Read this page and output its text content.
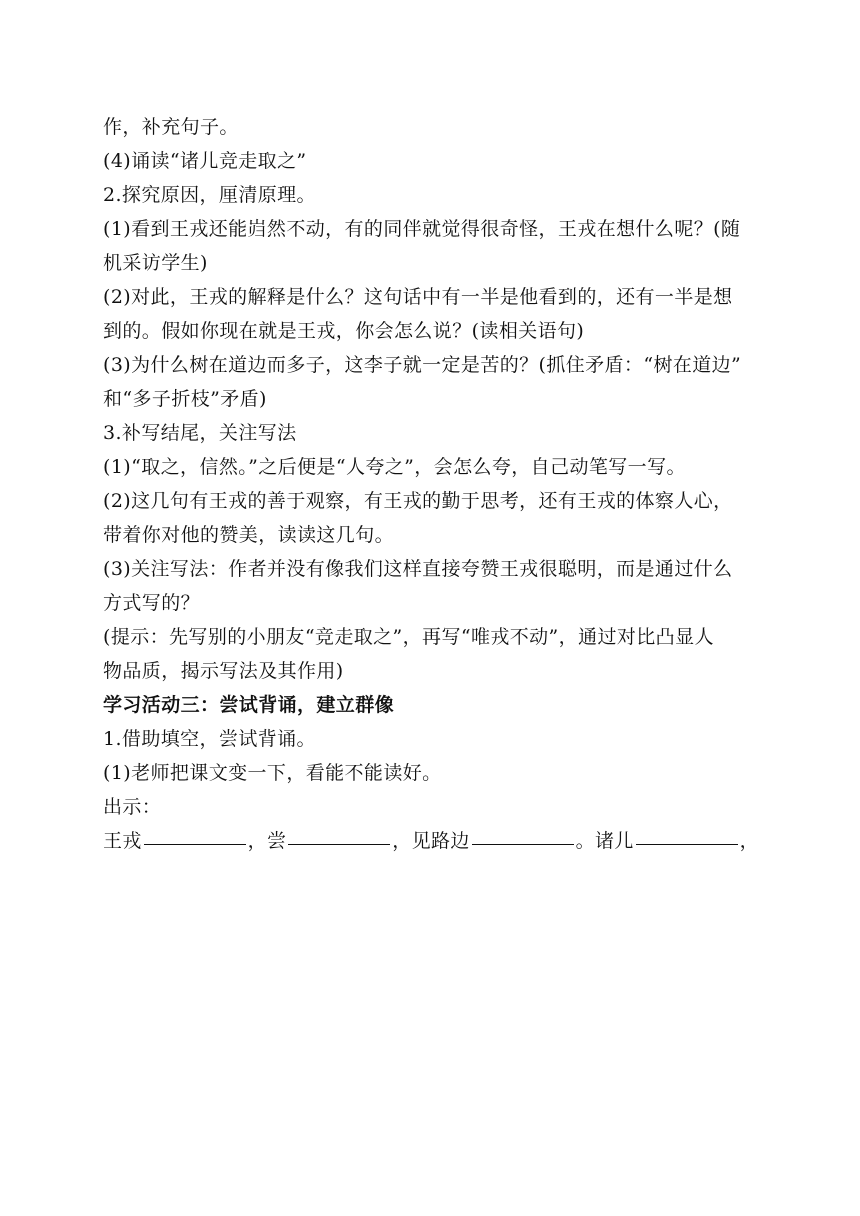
作，补充句子。
(4)诵读“诸儿竞走取之”
2.探究原因，厘清原理。
(1)看到王戎还能岿然不动，有的同伴就觉得很奇怪，王戎在想什么呢？(随
机采访学生)
(2)对此，王戎的解释是什么？这句话中有一半是他看到的，还有一半是想
到的。假如你现在就是王戎，你会怎么说？(读相关语句)
(3)为什么树在道边而多子，这李子就一定是苦的？(抓住矛盾：“树在道边”
和“多子折枝”矛盾)
3.补写结尾，关注写法
(1)“取之，信然。”之后便是“人夸之”，会怎么夸，自己动笔写一写。
(2)这几句有王戎的善于观察，有王戎的勤于思考，还有王戎的体察人心，
带着你对他的赞美，读读这几句。
(3)关注写法：作者并没有像我们这样直接夸赞王戎很聪明，而是通过什么
方式写的？
(提示：先写别的小朋友“竞走取之”，再写“唯戎不动”，通过对比凸显人
物品质，揭示写法及其作用)
学习活动三：尝试背诵，建立群像
1.借助填空，尝试背诵。
(1)老师把课文变一下，看能不能读好。
出示：
王戎	，尝	，见路边	。诸儿	，
